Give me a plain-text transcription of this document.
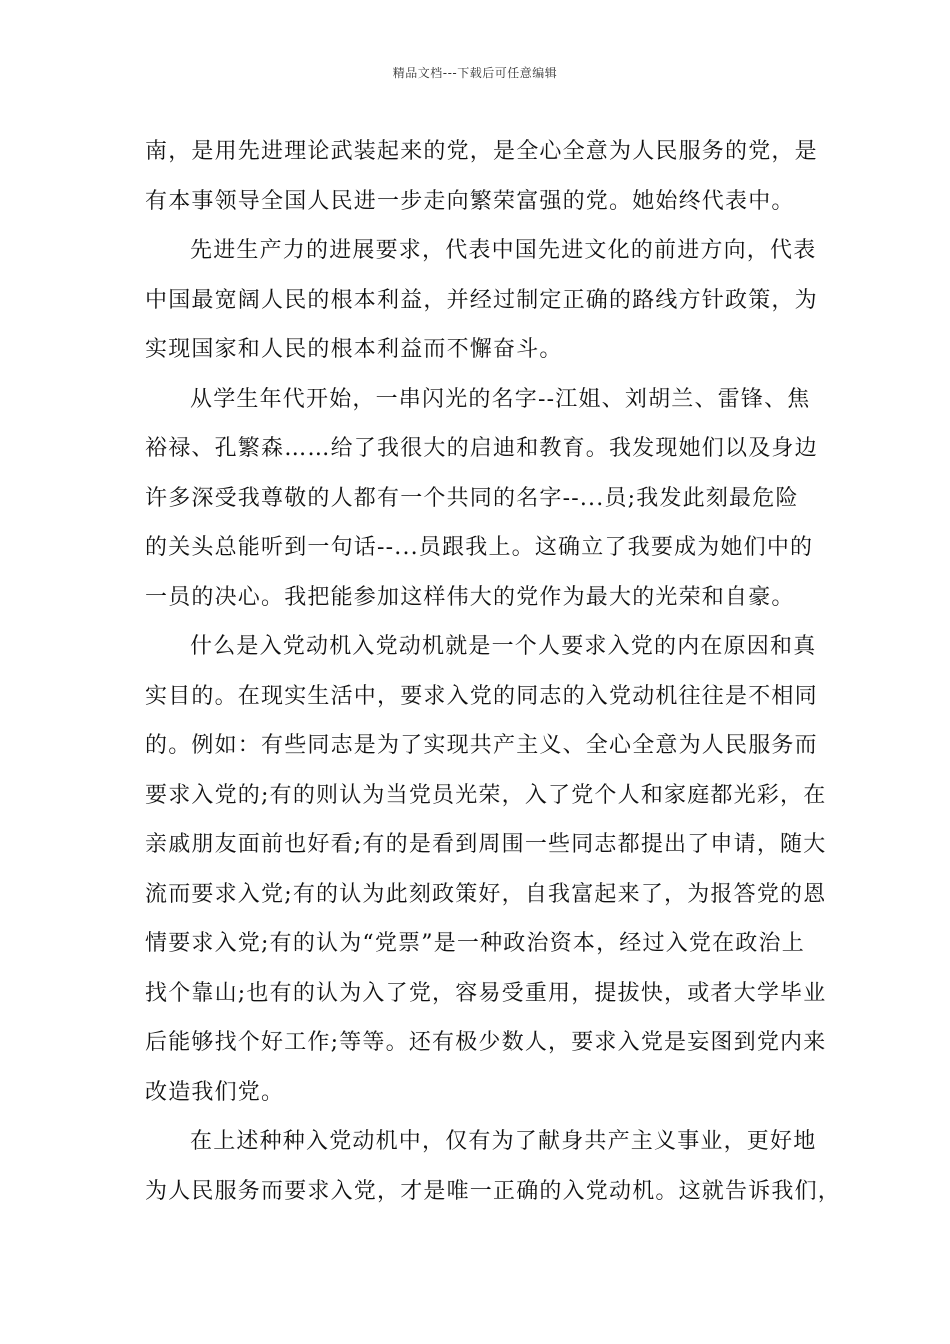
精品文档---下载后可任意编辑
南，是用先进理论武装起来的党，是全心全意为人民服务的党，是
有本事领导全国人民进一步走向繁荣富强的党。她始终代表中。
先进生产力的进展要求，代表中国先进文化的前进方向，代表
中国最宽阔人民的根本利益，并经过制定正确的路线方针政策，为
实现国家和人民的根本利益而不懈奋斗。
从学生年代开始，一串闪光的名字--江姐、刘胡兰、雷锋、焦
裕禄、孔繁森……给了我很大的启迪和教育。我发现她们以及身边
许多深受我尊敬的人都有一个共同的名字--...员;我发此刻最危险
的关头总能听到一句话--...员跟我上。这确立了我要成为她们中的
一员的决心。我把能参加这样伟大的党作为最大的光荣和自豪。
什么是入党动机入党动机就是一个人要求入党的内在原因和真
实目的。在现实生活中，要求入党的同志的入党动机往往是不相同
的。例如：有些同志是为了实现共产主义、全心全意为人民服务而
要求入党的;有的则认为当党员光荣，入了党个人和家庭都光彩，在
亲戚朋友面前也好看;有的是看到周围一些同志都提出了申请，随大
流而要求入党;有的认为此刻政策好，自我富起来了，为报答党的恩
情要求入党;有的认为“党票”是一种政治资本，经过入党在政治上
找个靠山;也有的认为入了党，容易受重用，提拔快，或者大学毕业
后能够找个好工作;等等。还有极少数人，要求入党是妄图到党内来
改造我们党。
在上述种种入党动机中，仅有为了献身共产主义事业，更好地
为人民服务而要求入党，才是唯一正确的入党动机。这就告诉我们，
